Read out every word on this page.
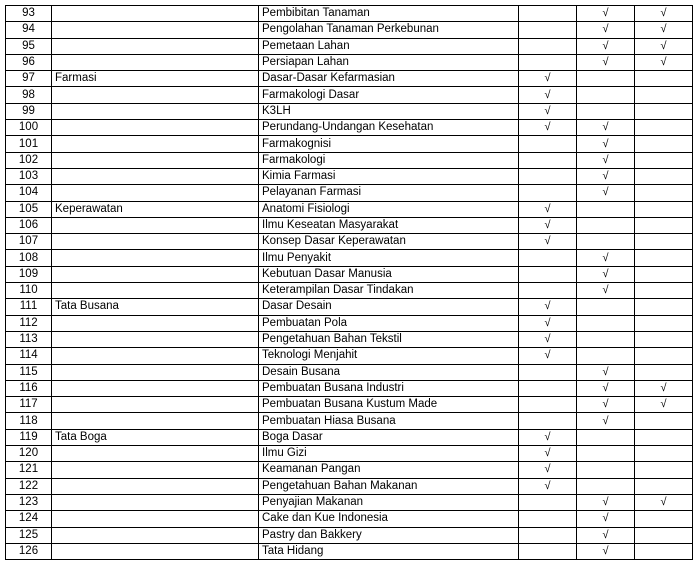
93		Pembibitan Tanaman		√	√
94		Pengolahan Tanaman Perkebunan		√	√
95		Pemetaan Lahan		√	√
96		Persiapan Lahan		√	√
97	Farmasi	Dasar-Dasar Kefarmasian	√		
98		Farmakologi Dasar	√		
99		K3LH	√		
100		Perundang-Undangan Kesehatan	√	√	
101		Farmakognisi		√	
102		Farmakologi		√	
103		Kimia Farmasi		√	
104		Pelayanan Farmasi		√	
105	Keperawatan	Anatomi Fisiologi	√		
106		Ilmu Keseatan Masyarakat	√		
107		Konsep Dasar Keperawatan	√		
108		Ilmu Penyakit		√	
109		Kebutuan Dasar Manusia		√	
110		Keterampilan Dasar Tindakan		√	
111	Tata Busana	Dasar Desain	√		
112		Pembuatan Pola	√		
113		Pengetahuan Bahan Tekstil	√		
114		Teknologi Menjahit	√		
115		Desain Busana		√	
116		Pembuatan Busana Industri		√	√
117		Pembuatan Busana Kustum Made		√	√
118		Pembuatan Hiasa Busana		√	
119	Tata Boga	Boga Dasar	√		
120		Ilmu Gizi	√		
121		Keamanan Pangan	√		
122		Pengetahuan Bahan Makanan	√		
123		Penyajian Makanan		√	√
124		Cake dan Kue Indonesia		√	
125		Pastry dan Bakkery		√	
126		Tata Hidang		√	
